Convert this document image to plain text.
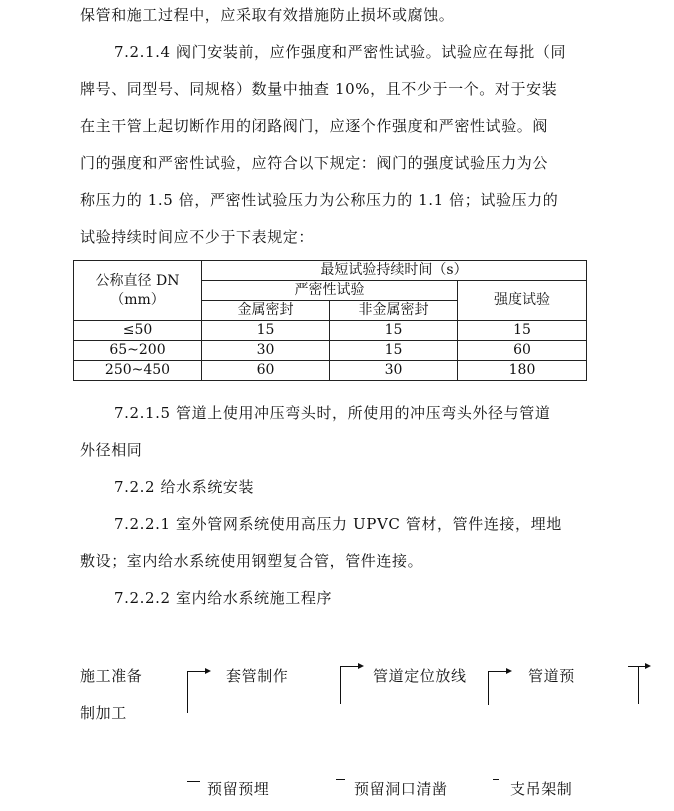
保管和施工过程中，应采取有效措施防止损坏或腐蚀。
7.2.1.4 阀门安装前，应作强度和严密性试验。试验应在每批（同
牌号、同型号、同规格）数量中抽查 10%，且不少于一个。对于安装
在主干管上起切断作用的闭路阀门，应逐个作强度和严密性试验。阀
门的强度和严密性试验，应符合以下规定：阀门的强度试验压力为公
称压力的 1.5 倍，严密性试验压力为公称压力的 1.1 倍；试验压力的
试验持续时间应不少于下表规定：
公称直径 DN
（mm）	最短试验持续时间（s）		
	严密性试验		强度试验
	金属密封	非金属密封	
≤50	15	15	15
65~200	30	15	60
250~450	60	30	180
7.2.1.5 管道上使用冲压弯头时，所使用的冲压弯头外径与管道
外径相同
7.2.2 给水系统安装
7.2.2.1 室外管网系统使用高压力 UPVC 管材，管件连接，埋地
敷设；室内给水系统使用钢塑复合管，管件连接。
7.2.2.2 室内给水系统施工程序
施工准备	套管制作	管道定位放线	管道预
制加工
预留预埋	预留洞口清凿	支吊架制
